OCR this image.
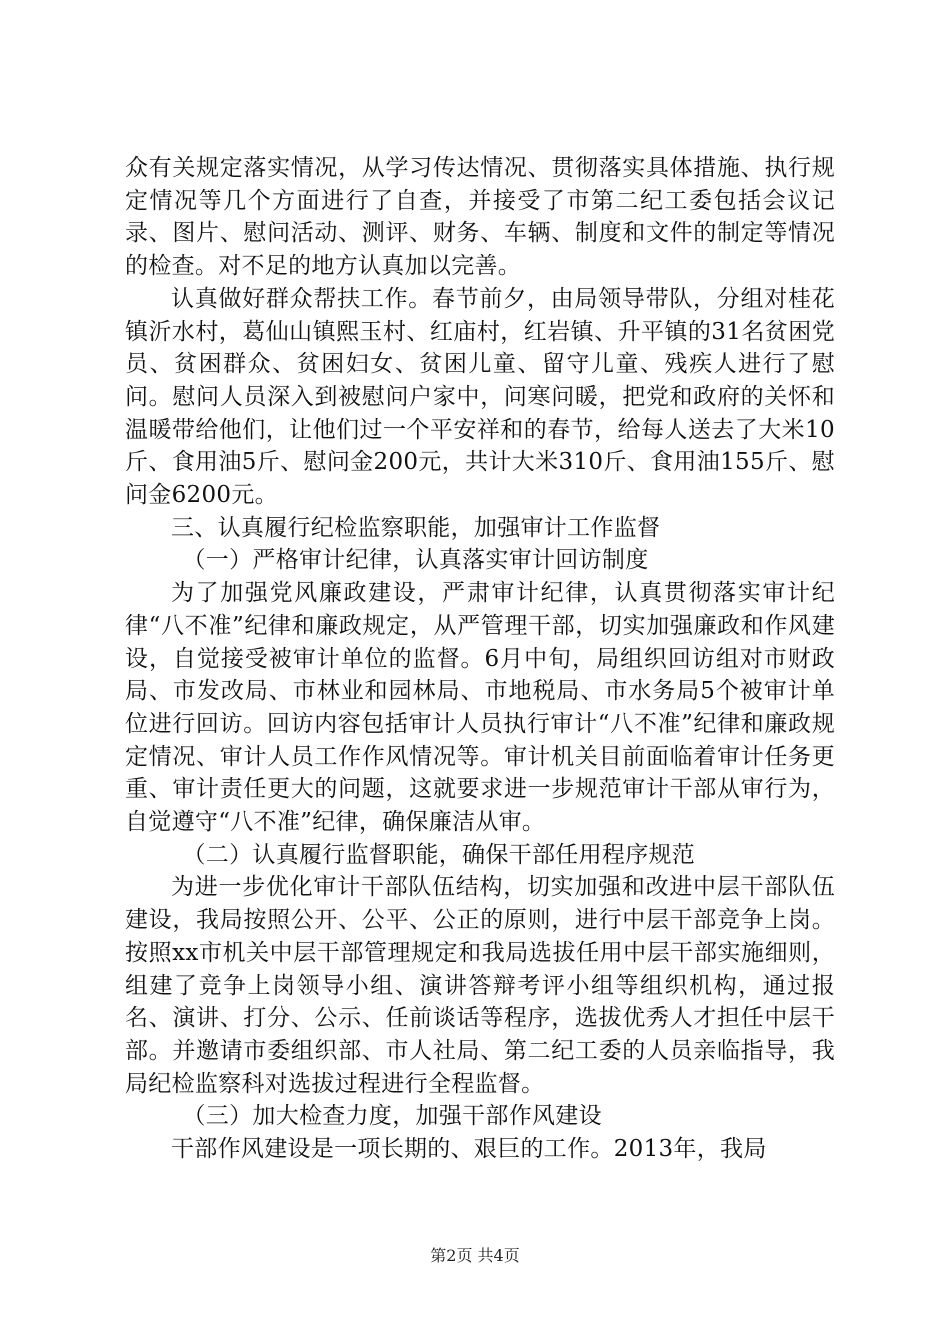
众有关规定落实情况，从学习传达情况、贯彻落实具体措施、执行规定情况等几个方面进行了自查，并接受了市第二纪工委包括会议记录、图片、慰问活动、测评、财务、车辆、制度和文件的制定等情况的检查。对不足的地方认真加以完善。

认真做好群众帮扶工作。春节前夕，由局领导带队，分组对桂花镇沂水村，葛仙山镇熙玉村、红庙村，红岩镇、升平镇的31名贫困党员、贫困群众、贫困妇女、贫困儿童、留守儿童、残疾人进行了慰问。慰问人员深入到被慰问户家中，问寒问暖，把党和政府的关怀和温暖带给他们，让他们过一个平安祥和的春节，给每人送去了大米10斤、食用油5斤、慰问金200元，共计大米310斤、食用油155斤、慰问金6200元。

三、认真履行纪检监察职能，加强审计工作监督

（一）严格审计纪律，认真落实审计回访制度

为了加强党风廉政建设，严肃审计纪律，认真贯彻落实审计纪律“八不准”纪律和廉政规定，从严管理干部，切实加强廉政和作风建设，自觉接受被审计单位的监督。6月中旬，局组织回访组对市财政局、市发改局、市林业和园林局、市地税局、市水务局5个被审计单位进行回访。回访内容包括审计人员执行审计“八不准”纪律和廉政规定情况、审计人员工作作风情况等。审计机关目前面临着审计任务更重、审计责任更大的问题，这就要求进一步规范审计干部从审行为，自觉遵守“八不准”纪律，确保廉洁从审。

（二）认真履行监督职能，确保干部任用程序规范

为进一步优化审计干部队伍结构，切实加强和改进中层干部队伍建设，我局按照公开、公平、公正的原则，进行中层干部竞争上岗。按照xx市机关中层干部管理规定和我局选拔任用中层干部实施细则，组建了竞争上岗领导小组、演讲答辩考评小组等组织机构，通过报名、演讲、打分、公示、任前谈话等程序，选拔优秀人才担任中层干部。并邀请市委组织部、市人社局、第二纪工委的人员亲临指导，我局纪检监察科对选拔过程进行全程监督。

（三）加大检查力度，加强干部作风建设

干部作风建设是一项长期的、艰巨的工作。2013年，我局

第2页 共4页
